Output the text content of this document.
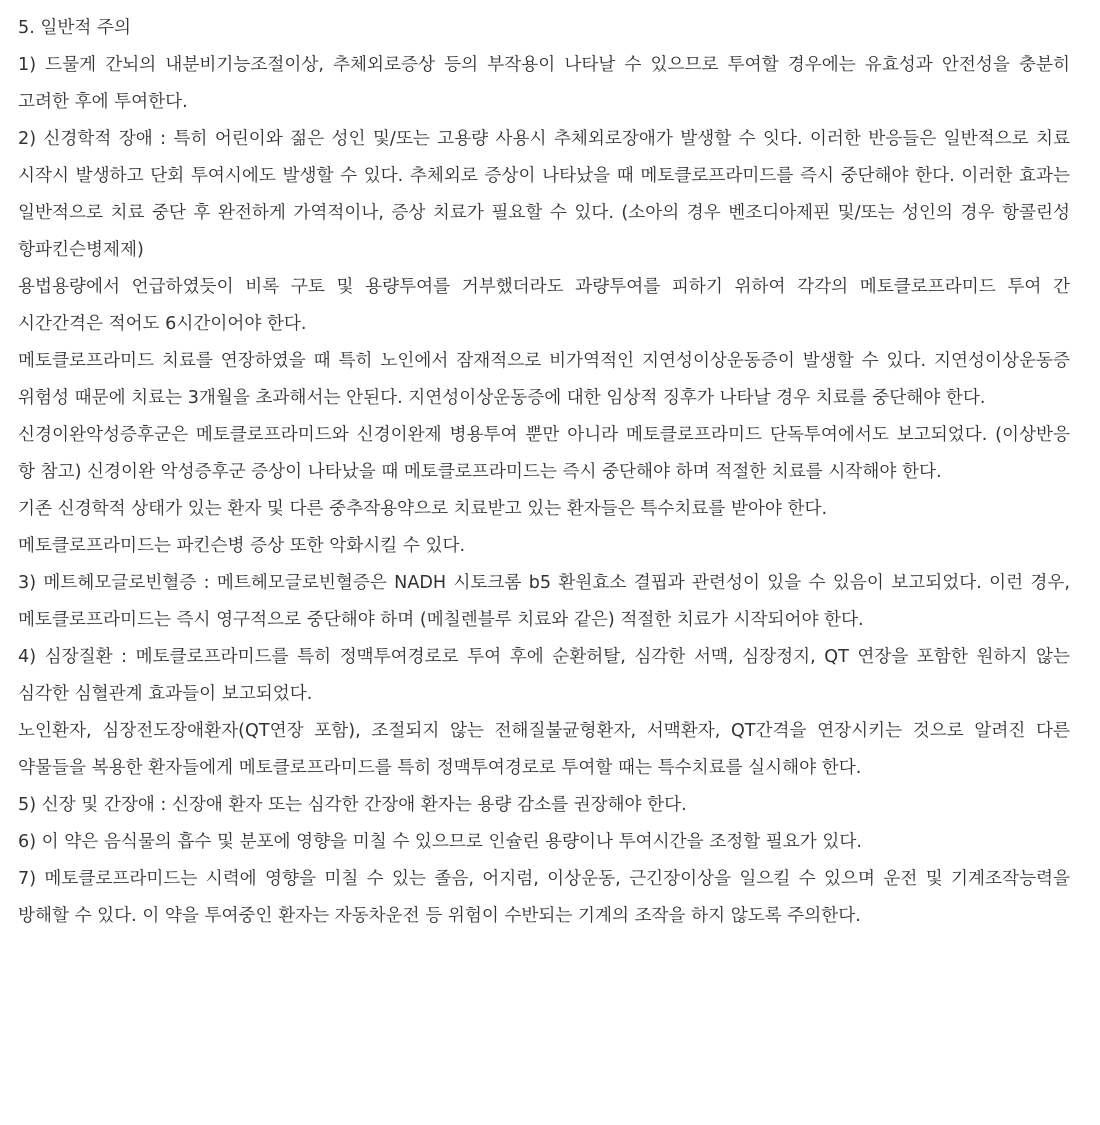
5. 일반적 주의

1) 드물게 간뇌의 내분비기능조절이상, 추체외로증상 등의 부작용이 나타날 수 있으므로 투여할 경우에는 유효성과 안전성을 충분히 고려한 후에 투여한다.

2) 신경학적 장애 : 특히 어린이와 젊은 성인 및/또는 고용량 사용시 추체외로장애가 발생할 수 잇다. 이러한 반응들은 일반적으로 치료 시작시 발생하고 단회 투여시에도 발생할 수 있다. 추체외로 증상이 나타났을 때 메토클로프라미드를 즉시 중단해야 한다. 이러한 효과는 일반적으로 치료 중단 후 완전하게 가역적이나, 증상 치료가 필요할 수 있다. (소아의 경우 벤조디아제핀 및/또는 성인의 경우 항콜린성 항파킨슨병제제)

용법용량에서 언급하였듯이 비록 구토 및 용량투여를 거부했더라도 과량투여를 피하기 위하여 각각의 메토클로프라미드 투여 간 시간간격은 적어도 6시간이어야 한다.

메토클로프라미드 치료를 연장하였을 때 특히 노인에서 잠재적으로 비가역적인 지연성이상운동증이 발생할 수 있다. 지연성이상운동증 위험성 때문에 치료는 3개월을 초과해서는 안된다. 지연성이상운동증에 대한 임상적 징후가 나타날 경우 치료를 중단해야 한다.

신경이완악성증후군은 메토클로프라미드와 신경이완제 병용투여 뿐만 아니라 메토클로프라미드 단독투여에서도 보고되었다. (이상반응 항 참고) 신경이완 악성증후군 증상이 나타났을 때 메토클로프라미드는 즉시 중단해야 하며 적절한 치료를 시작해야 한다.

기존 신경학적 상태가 있는 환자 및 다른 중추작용약으로 치료받고 있는 환자들은 특수치료를 받아야 한다.

메토클로프라미드는 파킨슨병 증상 또한 악화시킬 수 있다.

3) 메트헤모글로빈혈증 : 메트헤모글로빈혈증은 NADH 시토크롬 b5 환원효소 결핍과 관련성이 있을 수 있음이 보고되었다. 이런 경우, 메토클로프라미드는 즉시 영구적으로 중단해야 하며 (메칠렌블루 치료와 같은) 적절한 치료가 시작되어야 한다.

4) 심장질환 : 메토클로프라미드를 특히 정맥투여경로로 투여 후에 순환허탈, 심각한 서맥, 심장정지, QT 연장을 포함한 원하지 않는 심각한 심혈관계 효과들이 보고되었다.

노인환자, 심장전도장애환자(QT연장 포함), 조절되지 않는 전해질불균형환자, 서맥환자, QT간격을 연장시키는 것으로 알려진 다른 약물들을 복용한 환자들에게 메토클로프라미드를 특히 정맥투여경로로 투여할 때는 특수치료를 실시해야 한다.

5) 신장 및 간장애 : 신장애 환자 또는 심각한 간장애 환자는 용량 감소를 권장해야 한다.

6) 이 약은 음식물의 흡수 및 분포에 영향을 미칠 수 있으므로 인슐린 용량이나 투여시간을 조정할 필요가 있다.

7) 메토클로프라미드는 시력에 영향을 미칠 수 있는 졸음, 어지럼, 이상운동, 근긴장이상을 일으킬 수 있으며 운전 및 기계조작능력을 방해할 수 있다. 이 약을 투여중인 환자는 자동차운전 등 위험이 수반되는 기계의 조작을 하지 않도록 주의한다.
